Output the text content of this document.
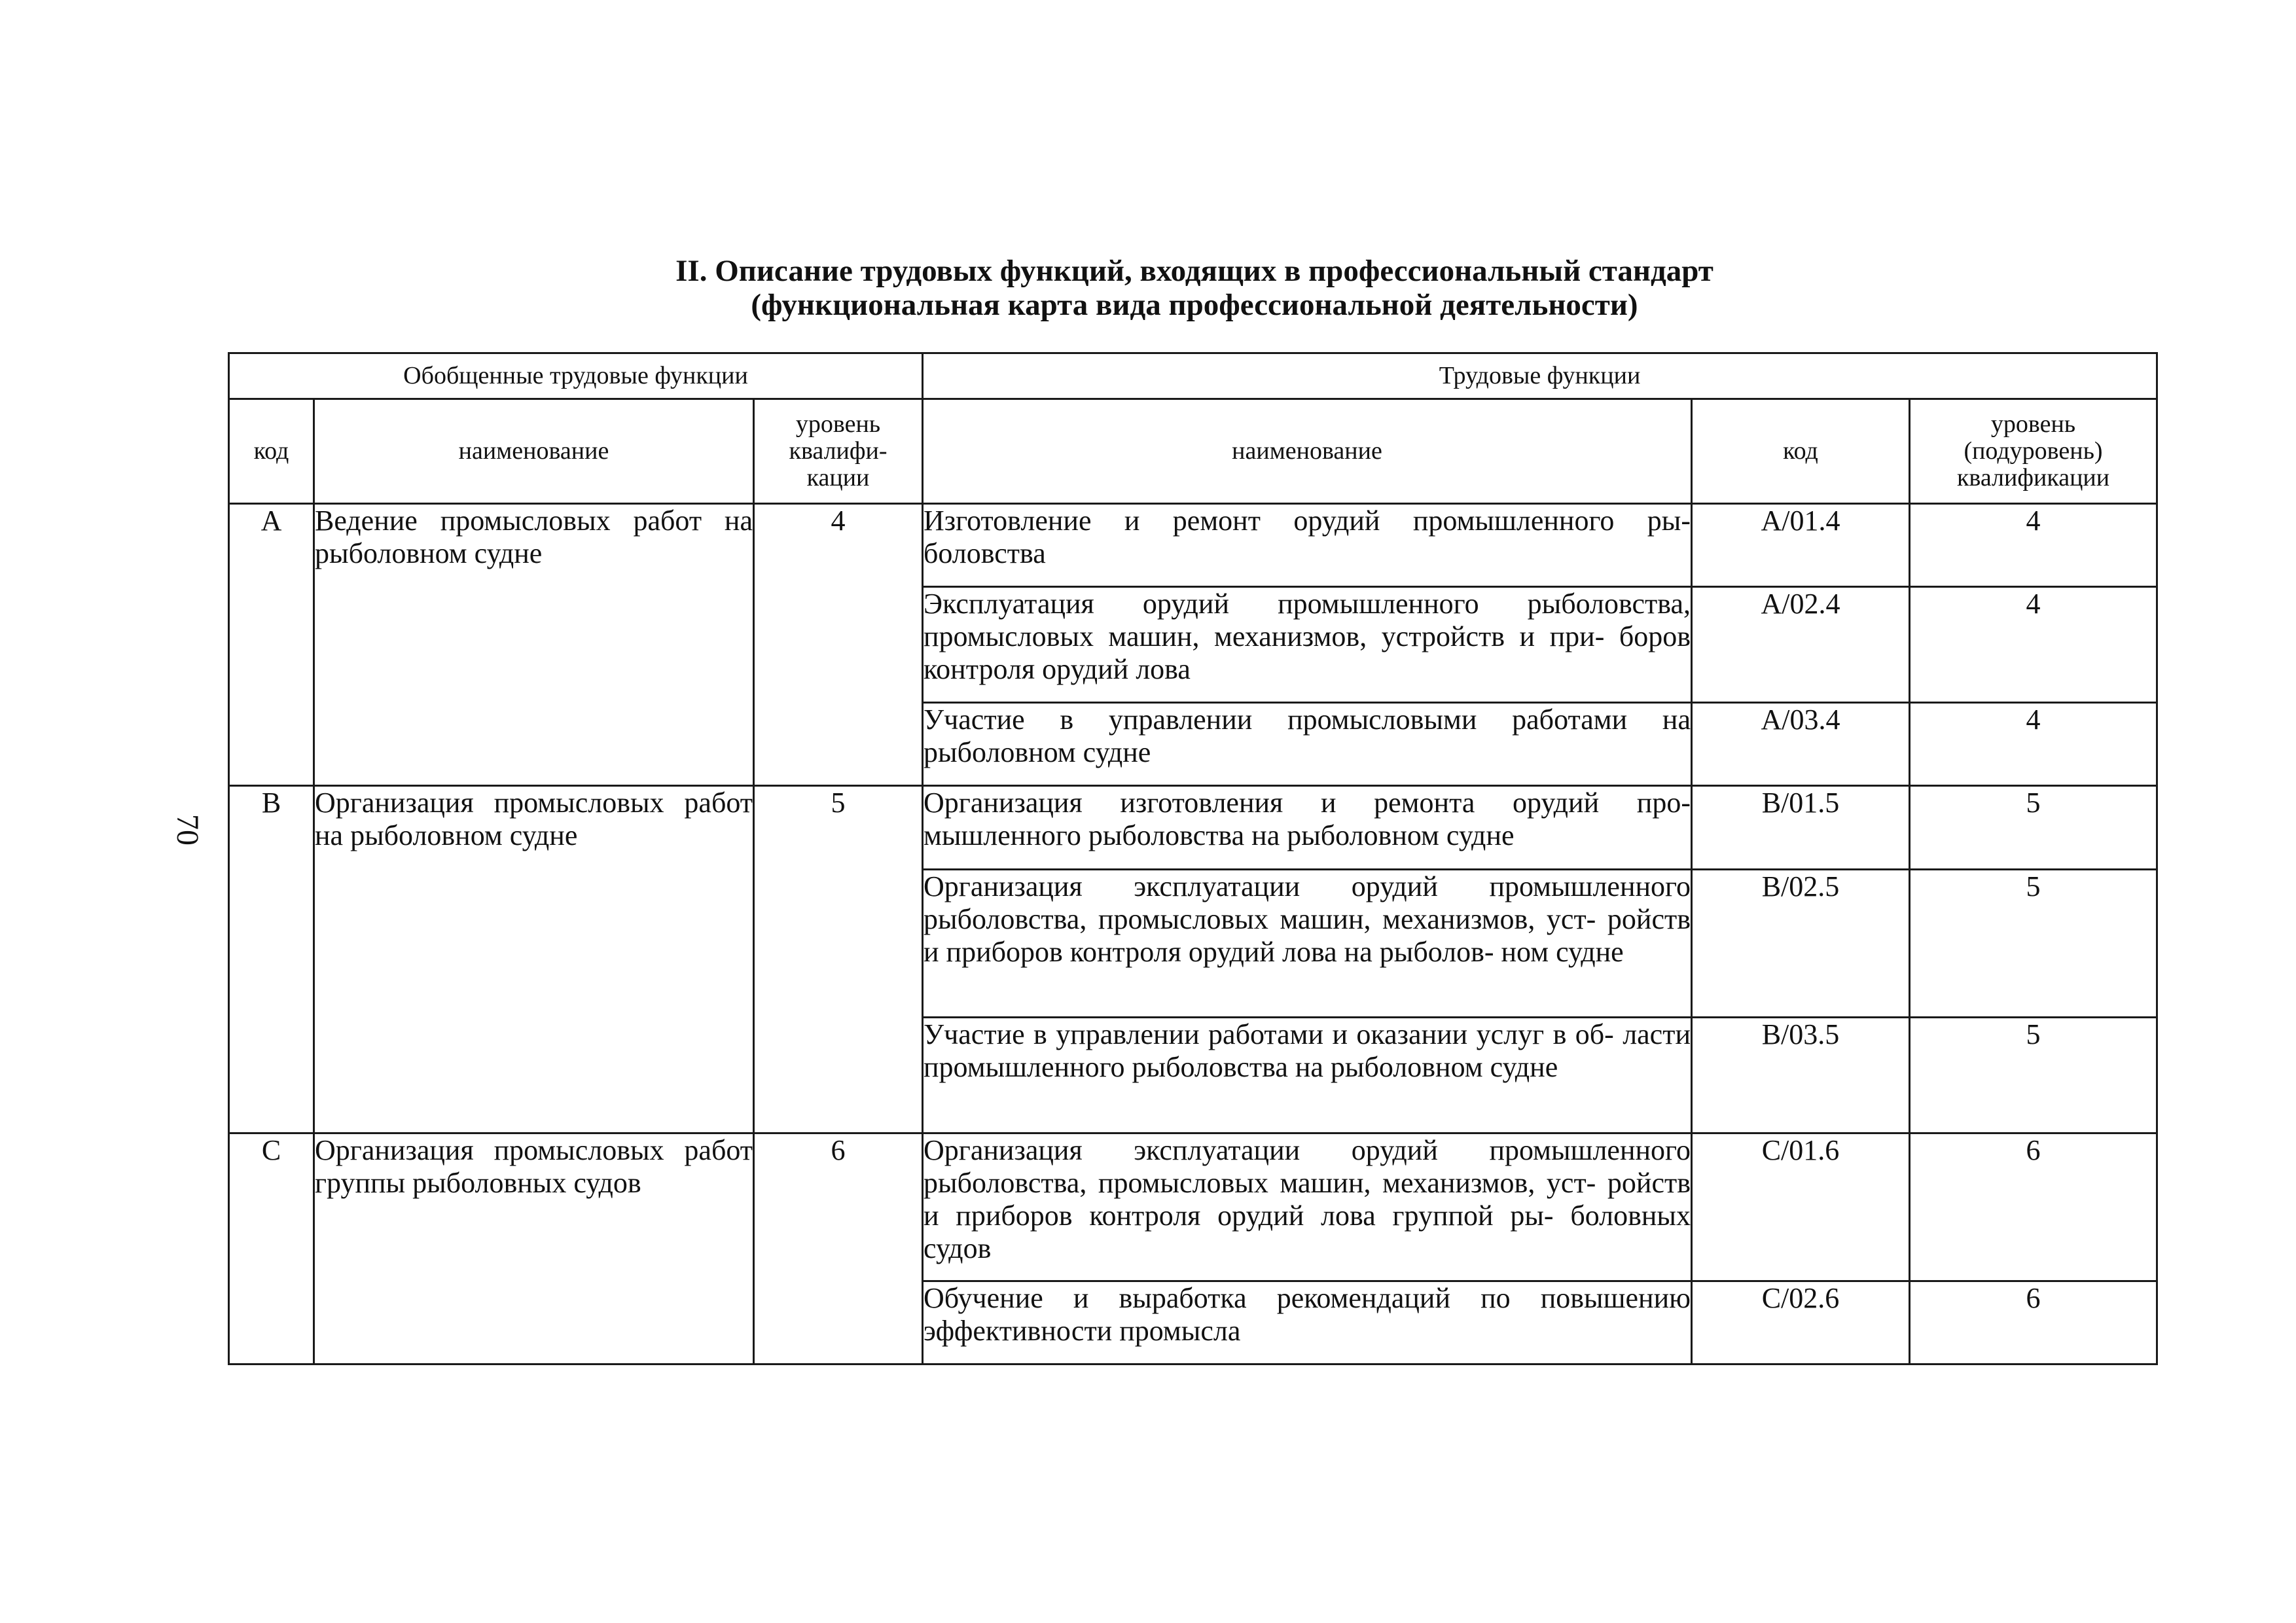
II. Описание трудовых функций, входящих в профессиональный стандарт
(функциональная карта вида профессиональной деятельности)
70
Обобщенные трудовые функции			Трудовые функции		
код	наименование	уровень квалифи- кации	наименование	код	уровень (подуровень) квалификации
A	Ведение промысловых работ на рыболовном судне	4	Изготовление и ремонт орудий промышленного ры- боловства	A/01.4	4
			Эксплуатация орудий промышленного рыболовства, промысловых машин, механизмов, устройств и при- боров контроля орудий лова	A/02.4	4
			Участие в управлении промысловыми работами на рыболовном судне	A/03.4	4
B	Организация промысловых работ на рыболовном судне	5	Организация изготовления и ремонта орудий про- мышленного рыболовства на рыболовном судне	B/01.5	5
			Организация эксплуатации орудий промышленного рыболовства, промысловых машин, механизмов, уст- ройств и приборов контроля орудий лова на рыболов- ном судне	B/02.5	5
			Участие в управлении работами и оказании услуг в об- ласти промышленного рыболовства на рыболовном судне	B/03.5	5
C	Организация промысловых работ группы рыболовных судов	6	Организация эксплуатации орудий промышленного рыболовства, промысловых машин, механизмов, уст- ройств и приборов контроля орудий лова группой ры- боловных судов	C/01.6	6
			Обучение и выработка рекомендаций по повышению эффективности промысла	C/02.6	6
